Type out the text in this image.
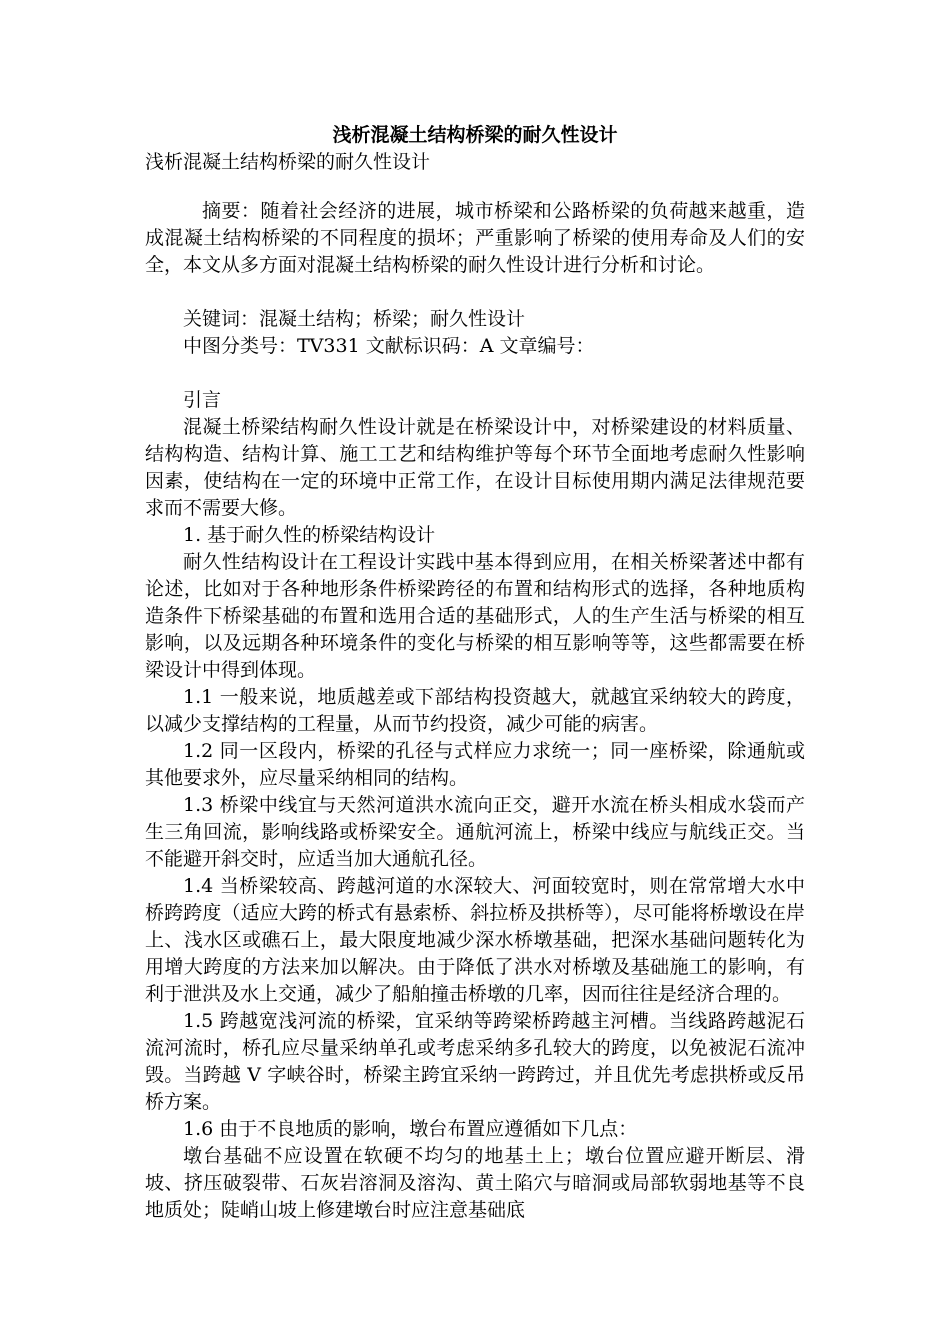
浅析混凝土结构桥梁的耐久性设计

浅析混凝土结构桥梁的耐久性设计

摘要：随着社会经济的进展，城市桥梁和公路桥梁的负荷越来越重，造成混凝土结构桥梁的不同程度的损坏；严重影响了桥梁的使用寿命及人们的安全，本文从多方面对混凝土结构桥梁的耐久性设计进行分析和讨论。

关键词：混凝土结构；桥梁；耐久性设计

中图分类号：TV331 文献标识码：A 文章编号：

引言

混凝土桥梁结构耐久性设计就是在桥梁设计中，对桥梁建设的材料质量、结构构造、结构计算、施工工艺和结构维护等每个环节全面地考虑耐久性影响因素，使结构在一定的环境中正常工作，在设计目标使用期内满足法律规范要求而不需要大修。

1. 基于耐久性的桥梁结构设计

耐久性结构设计在工程设计实践中基本得到应用，在相关桥梁著述中都有论述，比如对于各种地形条件桥梁跨径的布置和结构形式的选择，各种地质构造条件下桥梁基础的布置和选用合适的基础形式，人的生产生活与桥梁的相互影响，以及远期各种环境条件的变化与桥梁的相互影响等等，这些都需要在桥梁设计中得到体现。

1.1 一般来说，地质越差或下部结构投资越大，就越宜采纳较大的跨度，以减少支撑结构的工程量，从而节约投资，减少可能的病害。

1.2 同一区段内，桥梁的孔径与式样应力求统一；同一座桥梁，除通航或其他要求外，应尽量采纳相同的结构。

1.3 桥梁中线宜与天然河道洪水流向正交，避开水流在桥头相成水袋而产生三角回流，影响线路或桥梁安全。通航河流上，桥梁中线应与航线正交。当不能避开斜交时，应适当加大通航孔径。

1.4 当桥梁较高、跨越河道的水深较大、河面较宽时，则在常常增大水中桥跨跨度（适应大跨的桥式有悬索桥、斜拉桥及拱桥等），尽可能将桥墩设在岸上、浅水区或礁石上，最大限度地减少深水桥墩基础，把深水基础问题转化为用增大跨度的方法来加以解决。由于降低了洪水对桥墩及基础施工的影响，有利于泄洪及水上交通，减少了船舶撞击桥墩的几率，因而往往是经济合理的。

1.5 跨越宽浅河流的桥梁，宜采纳等跨梁桥跨越主河槽。当线路跨越泥石流河流时，桥孔应尽量采纳单孔或考虑采纳多孔较大的跨度，以免被泥石流冲毁。当跨越 V 字峡谷时，桥梁主跨宜采纳一跨跨过，并且优先考虑拱桥或反吊桥方案。

1.6 由于不良地质的影响，墩台布置应遵循如下几点：

墩台基础不应设置在软硬不均匀的地基土上；墩台位置应避开断层、滑坡、挤压破裂带、石灰岩溶洞及溶沟、黄土陷穴与暗洞或局部软弱地基等不良地质处；陡峭山坡上修建墩台时应注意基础底
